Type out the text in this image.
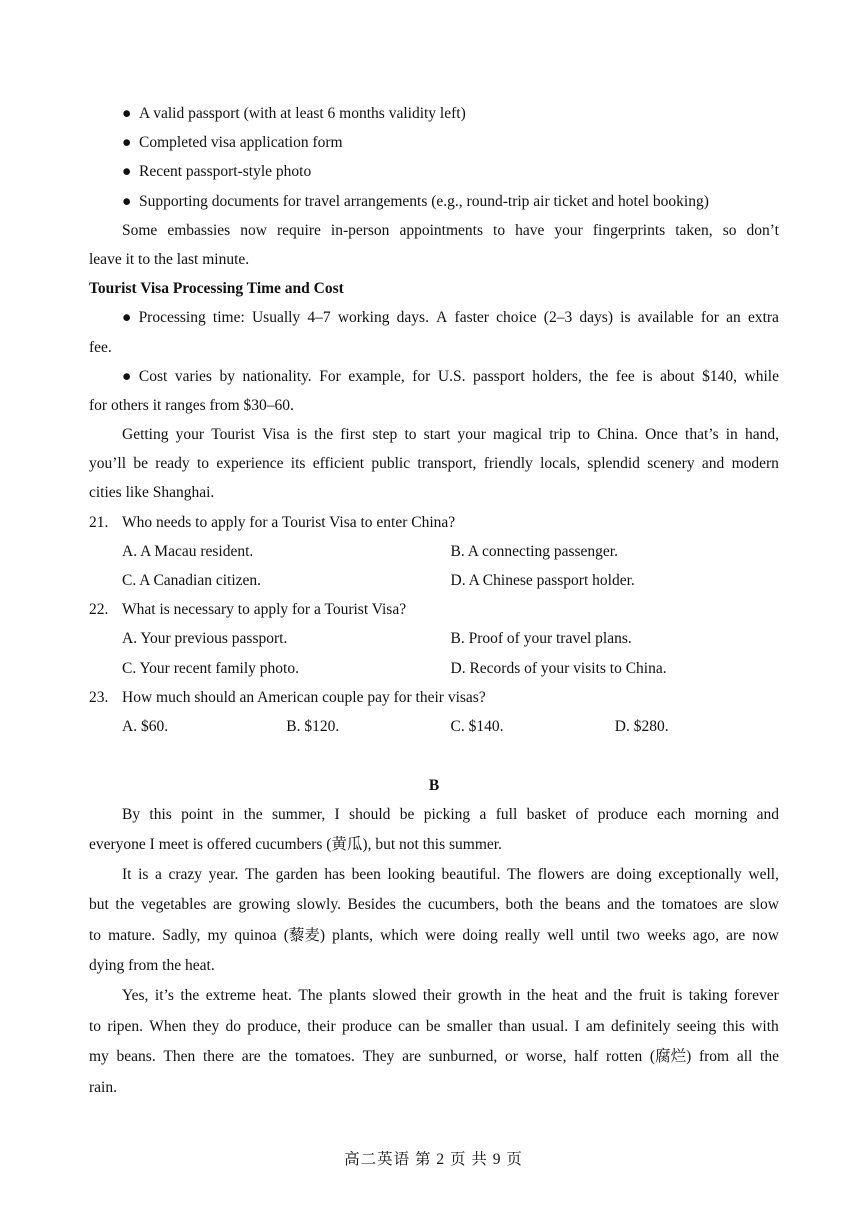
● A valid passport (with at least 6 months validity left)
● Completed visa application form
● Recent passport-style photo
● Supporting documents for travel arrangements (e.g., round-trip air ticket and hotel booking)
Some embassies now require in-person appointments to have your fingerprints taken, so don’t
leave it to the last minute.
Tourist Visa Processing Time and Cost
● Processing time: Usually 4–7 working days. A faster choice (2–3 days) is available for an extra
fee.
● Cost varies by nationality. For example, for U.S. passport holders, the fee is about $140, while
for others it ranges from $30–60.
Getting your Tourist Visa is the first step to start your magical trip to China. Once that’s in hand,
you’ll be ready to experience its efficient public transport, friendly locals, splendid scenery and modern
cities like Shanghai.
21. Who needs to apply for a Tourist Visa to enter China?
A. A Macau resident.	B. A connecting passenger.
C. A Canadian citizen.	D. A Chinese passport holder.
22. What is necessary to apply for a Tourist Visa?
A. Your previous passport.	B. Proof of your travel plans.
C. Your recent family photo.	D. Records of your visits to China.
23. How much should an American couple pay for their visas?
A. $60.	B. $120.	C. $140.	D. $280.
B
By this point in the summer, I should be picking a full basket of produce each morning and
everyone I meet is offered cucumbers (黄瓜), but not this summer.
It is a crazy year. The garden has been looking beautiful. The flowers are doing exceptionally well,
but the vegetables are growing slowly. Besides the cucumbers, both the beans and the tomatoes are slow
to mature. Sadly, my quinoa (藜麦) plants, which were doing really well until two weeks ago, are now
dying from the heat.
Yes, it’s the extreme heat. The plants slowed their growth in the heat and the fruit is taking forever
to ripen. When they do produce, their produce can be smaller than usual. I am definitely seeing this with
my beans. Then there are the tomatoes. They are sunburned, or worse, half rotten (腐烂) from all the
rain.
高二英语 第 2 页 共 9 页
